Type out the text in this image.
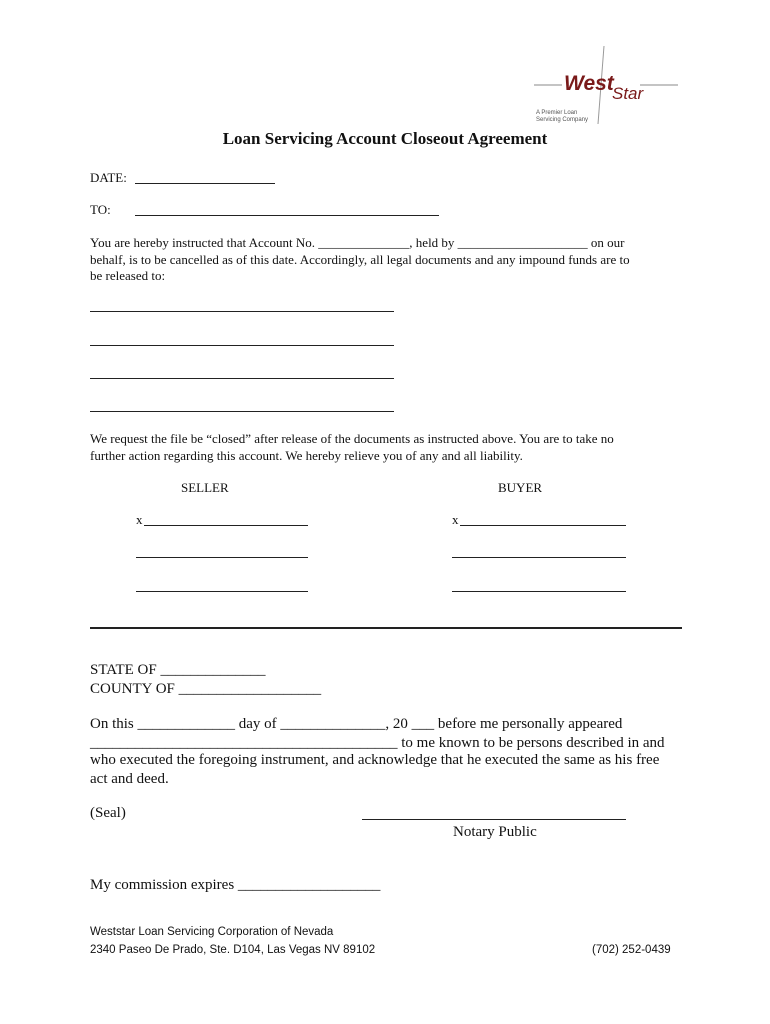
West
Star
A Premier Loan
Servicing Company
Loan Servicing Account Closeout Agreement
DATE:
TO:
You are hereby instructed that Account No. ______________, held by ____________________ on our
behalf, is to be cancelled as of this date. Accordingly, all legal documents and any impound funds are to
be released to:
We request the file be “closed” after release of the documents as instructed above. You are to take no
further action regarding this account. We hereby relieve you of any and all liability.
SELLER	BUYER
x	x
STATE OF ______________
COUNTY OF ___________________
On this _____________ day of ______________, 20 ___ before me personally appeared
_________________________________________ to me known to be persons described in and
who executed the foregoing instrument, and acknowledge that he executed the same as his free
act and deed.
(Seal)
Notary Public
My commission expires ___________________
Weststar Loan Servicing Corporation of Nevada
2340 Paseo De Prado, Ste. D104, Las Vegas NV 89102	(702) 252-0439
